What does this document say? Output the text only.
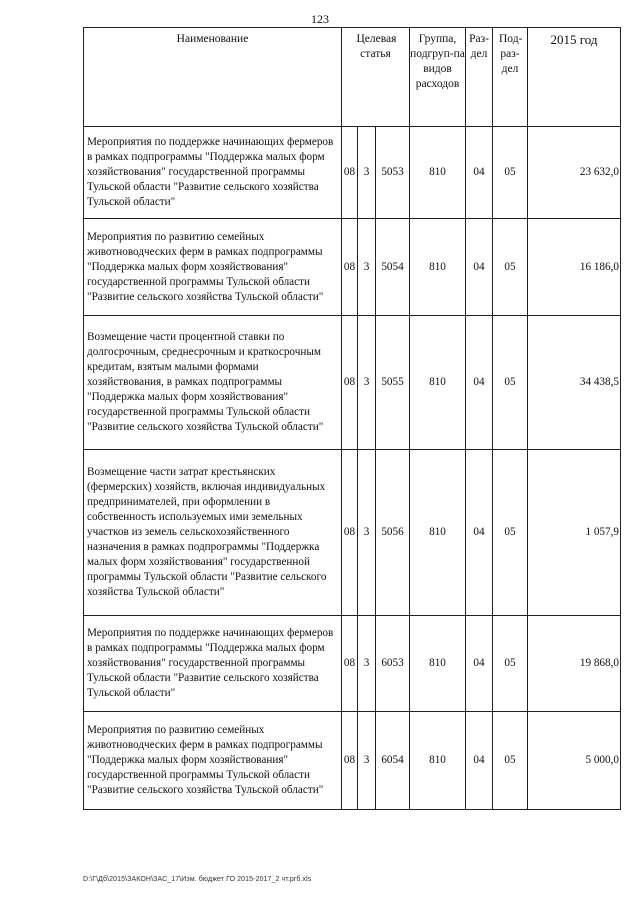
123
Наименование	Целевая статья			Группа, подгруп-па видов расходов	Раз-дел	Под-раз-дел	2015 год
Мероприятия по поддержке начинающих фермеров в рамках подпрограммы "Поддержка малых форм хозяйствования" государственной программы Тульской области "Развитие сельского хозяйства Тульской области"	08	3	5053	810	04	05	23 632,0
Мероприятия по развитию семейных животноводческих ферм в рамках подпрограммы "Поддержка малых форм хозяйствования" государственной программы Тульской области "Развитие сельского хозяйства Тульской области"	08	3	5054	810	04	05	16 186,0
Возмещение части процентной ставки по долгосрочным, среднесрочным и краткосрочным кредитам, взятым малыми формами хозяйствования, в рамках подпрограммы "Поддержка малых форм хозяйствования" государственной программы Тульской области "Развитие сельского хозяйства Тульской области"	08	3	5055	810	04	05	34 438,5
Возмещение части затрат крестьянских (фермерских) хозяйств, включая индивидуальных предпринимателей, при оформлении в собственность используемых ими земельных участков из земель сельскохозяйственного назначения в рамках подпрограммы "Поддержка малых форм хозяйствования" государственной программы Тульской области "Развитие сельского хозяйства Тульской области"	08	3	5056	810	04	05	1 057,9
Мероприятия по поддержке начинающих фермеров в рамках подпрограммы "Поддержка малых форм хозяйствования" государственной программы Тульской области "Развитие сельского хозяйства Тульской области"	08	3	6053	810	04	05	19 868,0
Мероприятия по развитию семейных животноводческих ферм в рамках подпрограммы "Поддержка малых форм хозяйствования" государственной программы Тульской области "Развитие сельского хозяйства Тульской области"	08	3	6054	810	04	05	5 000,0
D:\Г\Дб\2015\ЗАКОН\ЗАС_17\Изм. бюджет ГО 2015-2017_2 чт.рrб.xls
